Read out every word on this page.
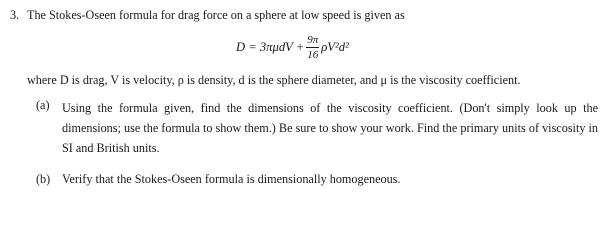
3. The Stokes-Oseen formula for drag force on a sphere at low speed is given as
$D = 3\pi\mu dV + \frac{9\pi}{16} \rho V^2d^2$
where D is drag, V is velocity, ρ is density, d is the sphere diameter, and μ is the viscosity coefficient.
(a) Using the formula given, find the dimensions of the viscosity coefficient. (Don't simply look up the dimensions; use the formula to show them.) Be sure to show your work. Find the primary units of viscosity in SI and British units.
(b) Verify that the Stokes-Oseen formula is dimensionally homogeneous.
